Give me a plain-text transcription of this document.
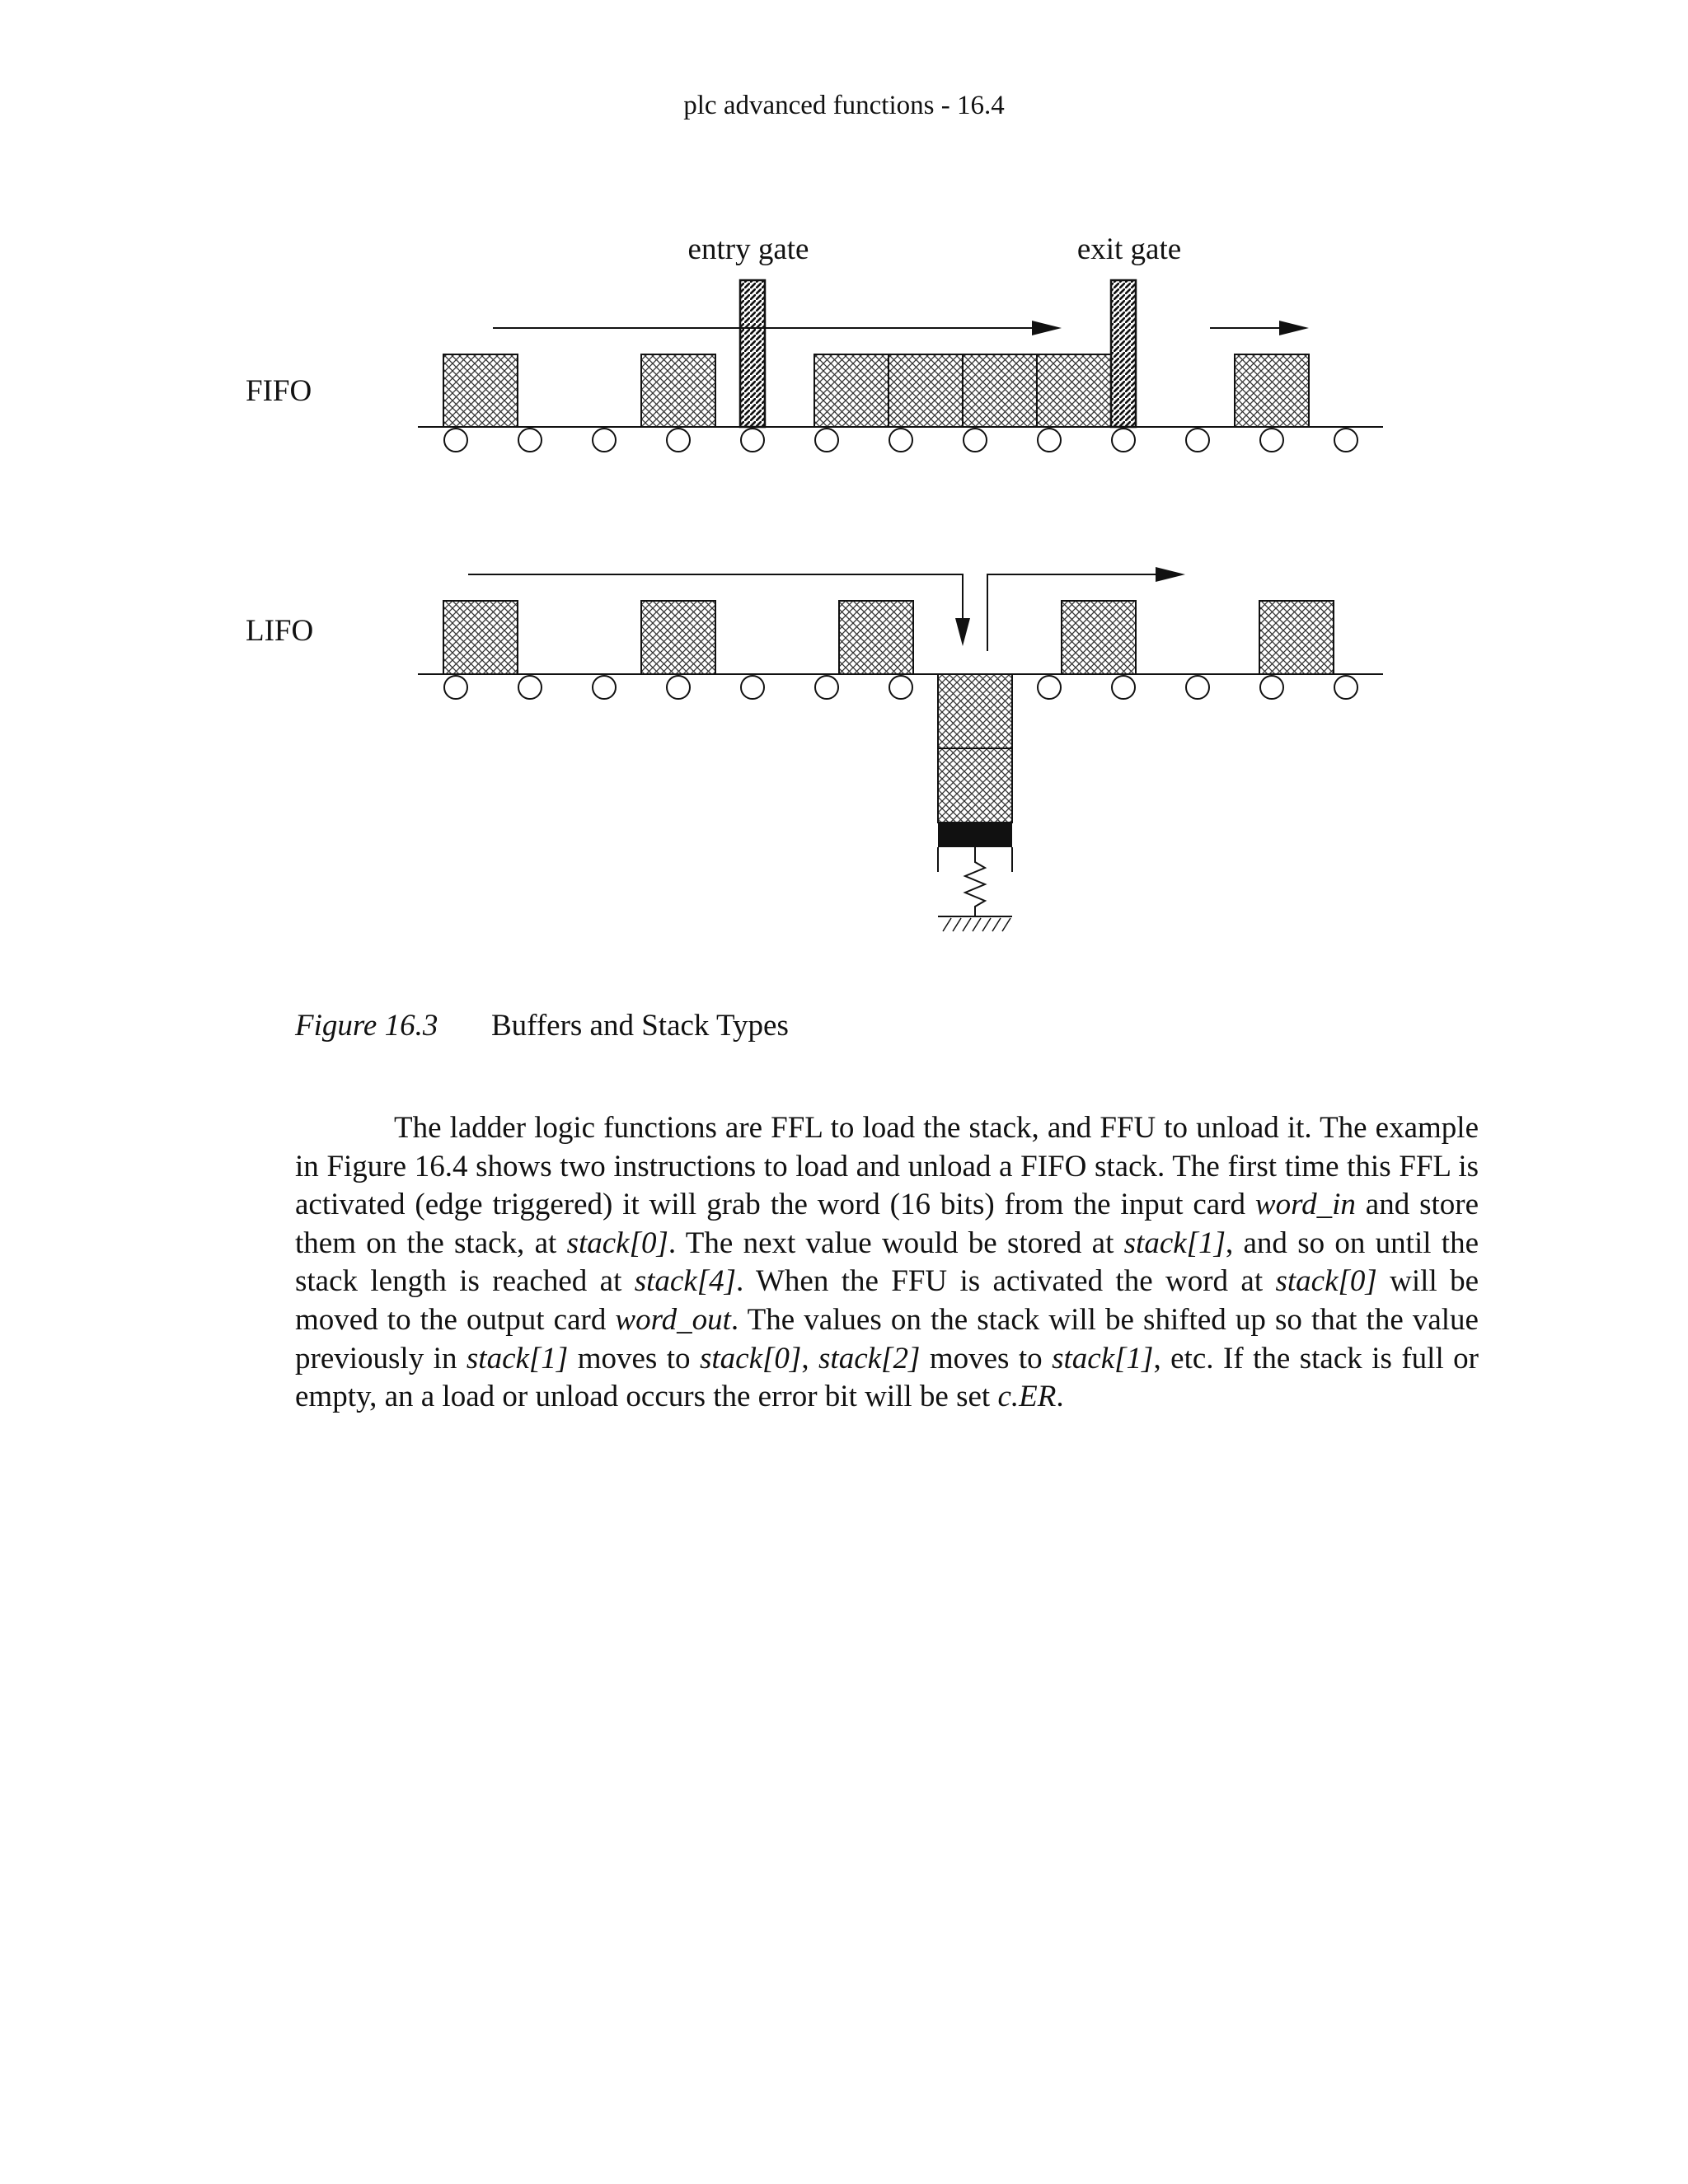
plc advanced functions - 16.4
FIFO
LIFO
entry gate	exit gate
Figure 16.3 Buffers and Stack Types
The ladder logic functions are FFL to load the stack, and FFU to unload it. The example in Figure 16.4 shows two instructions to load and unload a FIFO stack. The first time this FFL is activated (edge triggered) it will grab the word (16 bits) from the input card word_in and store them on the stack, at stack[0]. The next value would be stored at stack[1], and so on until the stack length is reached at stack[4]. When the FFU is activated the word at stack[0] will be moved to the output card word_out. The values on the stack will be shifted up so that the value previously in stack[1] moves to stack[0], stack[2] moves to stack[1], etc. If the stack is full or empty, an a load or unload occurs the error bit will be set c.ER.
